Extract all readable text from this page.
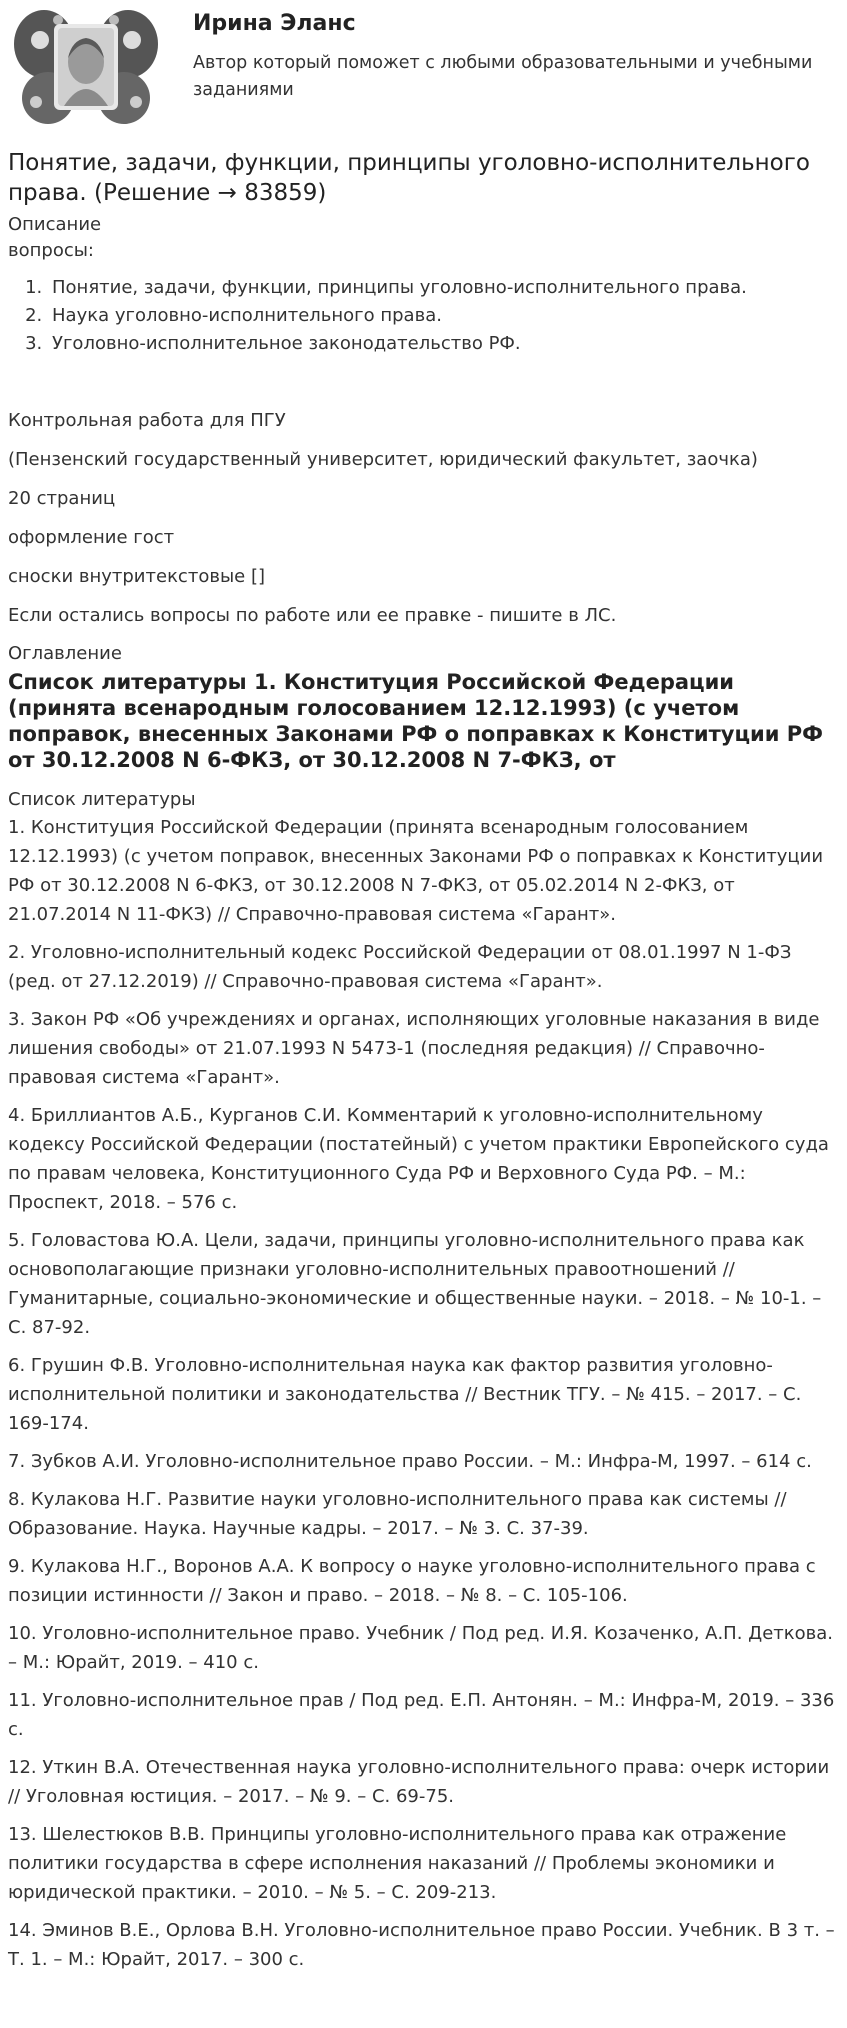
Ирина Эланс

Автор который поможет с любыми образовательными и учебными заданиями

Понятие, задачи, функции, принципы уголовно-исполнительного права. (Решение → 83859)

Описание

вопросы:

1. Понятие, задачи, функции, принципы уголовно-исполнительного права.
2. Наука уголовно-исполнительного права.
3. Уголовно-исполнительное законодательство РФ.

Контрольная работа для ПГУ

(Пензенский государственный университет, юридический факультет, заочка)

20 страниц

оформление гост

сноски внутритекстовые []

Если остались вопросы по работе или ее правке - пишите в ЛС.

Оглавление

Список литературы 1. Конституция Российской Федерации (принята всенародным голосованием 12.12.1993) (с учетом поправок, внесенных Законами РФ о поправках к Конституции РФ от 30.12.2008 N 6-ФКЗ, от 30.12.2008 N 7-ФКЗ, от

Список литературы

1. Конституция Российской Федерации (принята всенародным голосованием 12.12.1993) (с учетом поправок, внесенных Законами РФ о поправках к Конституции РФ от 30.12.2008 N 6-ФКЗ, от 30.12.2008 N 7-ФКЗ, от 05.02.2014 N 2-ФКЗ, от 21.07.2014 N 11-ФКЗ) // Справочно-правовая система «Гарант».

2. Уголовно-исполнительный кодекс Российской Федерации от 08.01.1997 N 1-ФЗ (ред. от 27.12.2019) // Справочно-правовая система «Гарант».

3. Закон РФ «Об учреждениях и органах, исполняющих уголовные наказания в виде лишения свободы» от 21.07.1993 N 5473-1 (последняя редакция) // Справочно-правовая система «Гарант».

4. Бриллиантов А.Б., Курганов С.И. Комментарий к уголовно-исполнительному кодексу Российской Федерации (постатейный) с учетом практики Европейского суда по правам человека, Конституционного Суда РФ и Верховного Суда РФ. – М.: Проспект, 2018. – 576 с.

5. Головастова Ю.А. Цели, задачи, принципы уголовно-исполнительного права как основополагающие признаки уголовно-исполнительных правоотношений // Гуманитарные, социально-экономические и общественные науки. – 2018. – № 10-1. – С. 87-92.

6. Грушин Ф.В. Уголовно-исполнительная наука как фактор развития уголовно-исполнительной политики и законодательства // Вестник ТГУ. – № 415. – 2017. – С. 169-174.

7. Зубков А.И. Уголовно-исполнительное право России. – М.: Инфра-М, 1997. – 614 с.

8. Кулакова Н.Г. Развитие науки уголовно-исполнительного права как системы // Образование. Наука. Научные кадры. – 2017. – № 3. С. 37-39.

9. Кулакова Н.Г., Воронов А.А. К вопросу о науке уголовно-исполнительного права с позиции истинности // Закон и право. – 2018. – № 8. – С. 105-106.

10. Уголовно-исполнительное право. Учебник / Под ред. И.Я. Козаченко, А.П. Детковa. – М.: Юрайт, 2019. – 410 с.

11. Уголовно-исполнительное прав / Под ред. Е.П. Антонян. – М.: Инфра-М, 2019. – 336 с.

12. Уткин В.А. Отечественная наука уголовно-исполнительного права: очерк истории // Уголовная юстиция. – 2017. – № 9. – С. 69-75.

13. Шелестюков В.В. Принципы уголовно-исполнительного права как отражение политики государства в сфере исполнения наказаний // Проблемы экономики и юридической практики. – 2010. – № 5. – С. 209-213.

14. Эминов В.Е., Орлова В.Н. Уголовно-исполнительное право России. Учебник. В 3 т. – Т. 1. – М.: Юрайт, 2017. – 300 с.
